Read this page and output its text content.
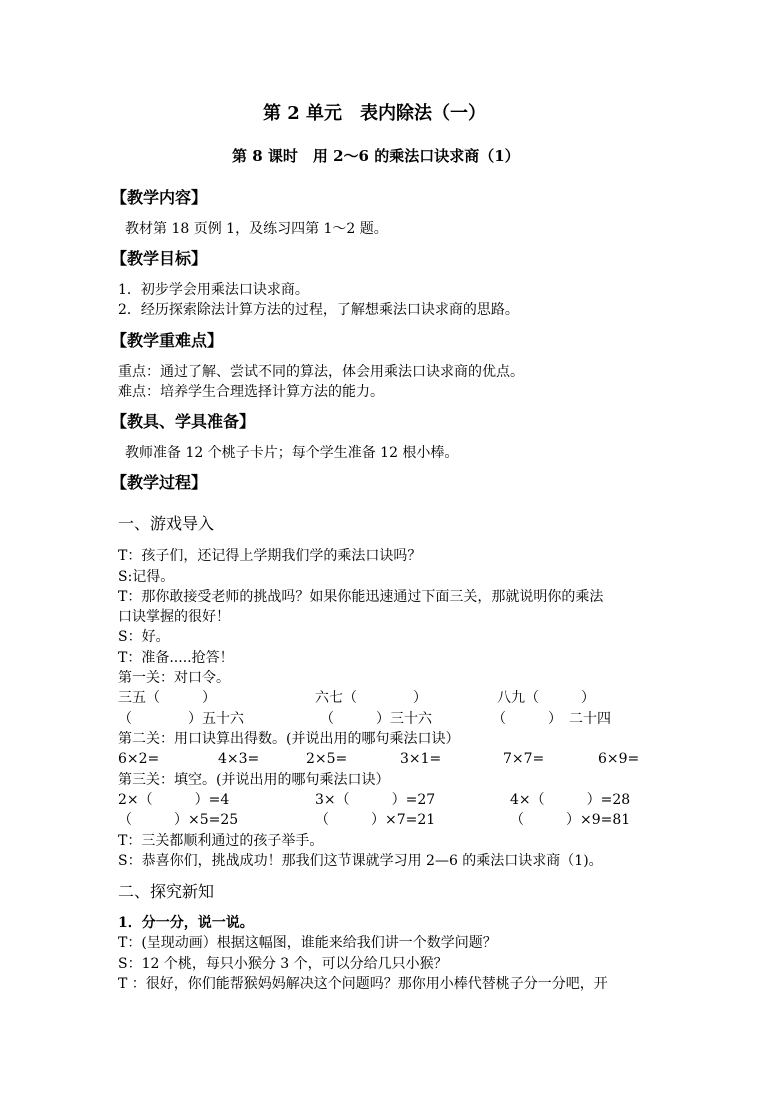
第 2 单元　表内除法（一）
第 8 课时　用 2～6 的乘法口诀求商（1）
【教学内容】
教材第 18 页例 1，及练习四第 1～2 题。
【教学目标】
1．初步学会用乘法口诀求商。
2．经历探索除法计算方法的过程，了解想乘法口诀求商的思路。
【教学重难点】
重点：通过了解、尝试不同的算法，体会用乘法口诀求商的优点。
难点：培养学生合理选择计算方法的能力。
【教具、学具准备】
教师准备 12 个桃子卡片；每个学生准备 12 根小棒。
【教学过程】
一、游戏导入
T：孩子们，还记得上学期我们学的乘法口诀吗？
S:记得。
T：那你敢接受老师的挑战吗？如果你能迅速通过下面三关，那就说明你的乘法
口诀掌握的很好！
S：好。
T：准备.....抢答！
第一关：对口令。
三五（　　　）	六七（　　　　）	八九（　　　）
（　　　　）五十六	（　　　）三十六	（　　　）　二十四
第二关：用口诀算出得数。(并说出用的哪句乘法口诀）
6×2=	4×3=	2×5=	3×1=	7×7=	6×9=
第三关：填空。(并说出用的哪句乘法口诀）
2×（　　　）=4	3×（　　　）=27	4×（　　　）=28
（　　　）×5=25	（　　　）×7=21	（　　　）×9=81
T：三关都顺利通过的孩子举手。
S：恭喜你们，挑战成功！那我们这节课就学习用 2—6 的乘法口诀求商（1)。
二、探究新知
1．分一分，说一说。
T：(呈现动画）根据这幅图，谁能来给我们讲一个数学问题？
S：12 个桃，每只小猴分 3 个，可以分给几只小猴？
T ：很好，你们能帮猴妈妈解决这个问题吗？那你用小棒代替桃子分一分吧，开
